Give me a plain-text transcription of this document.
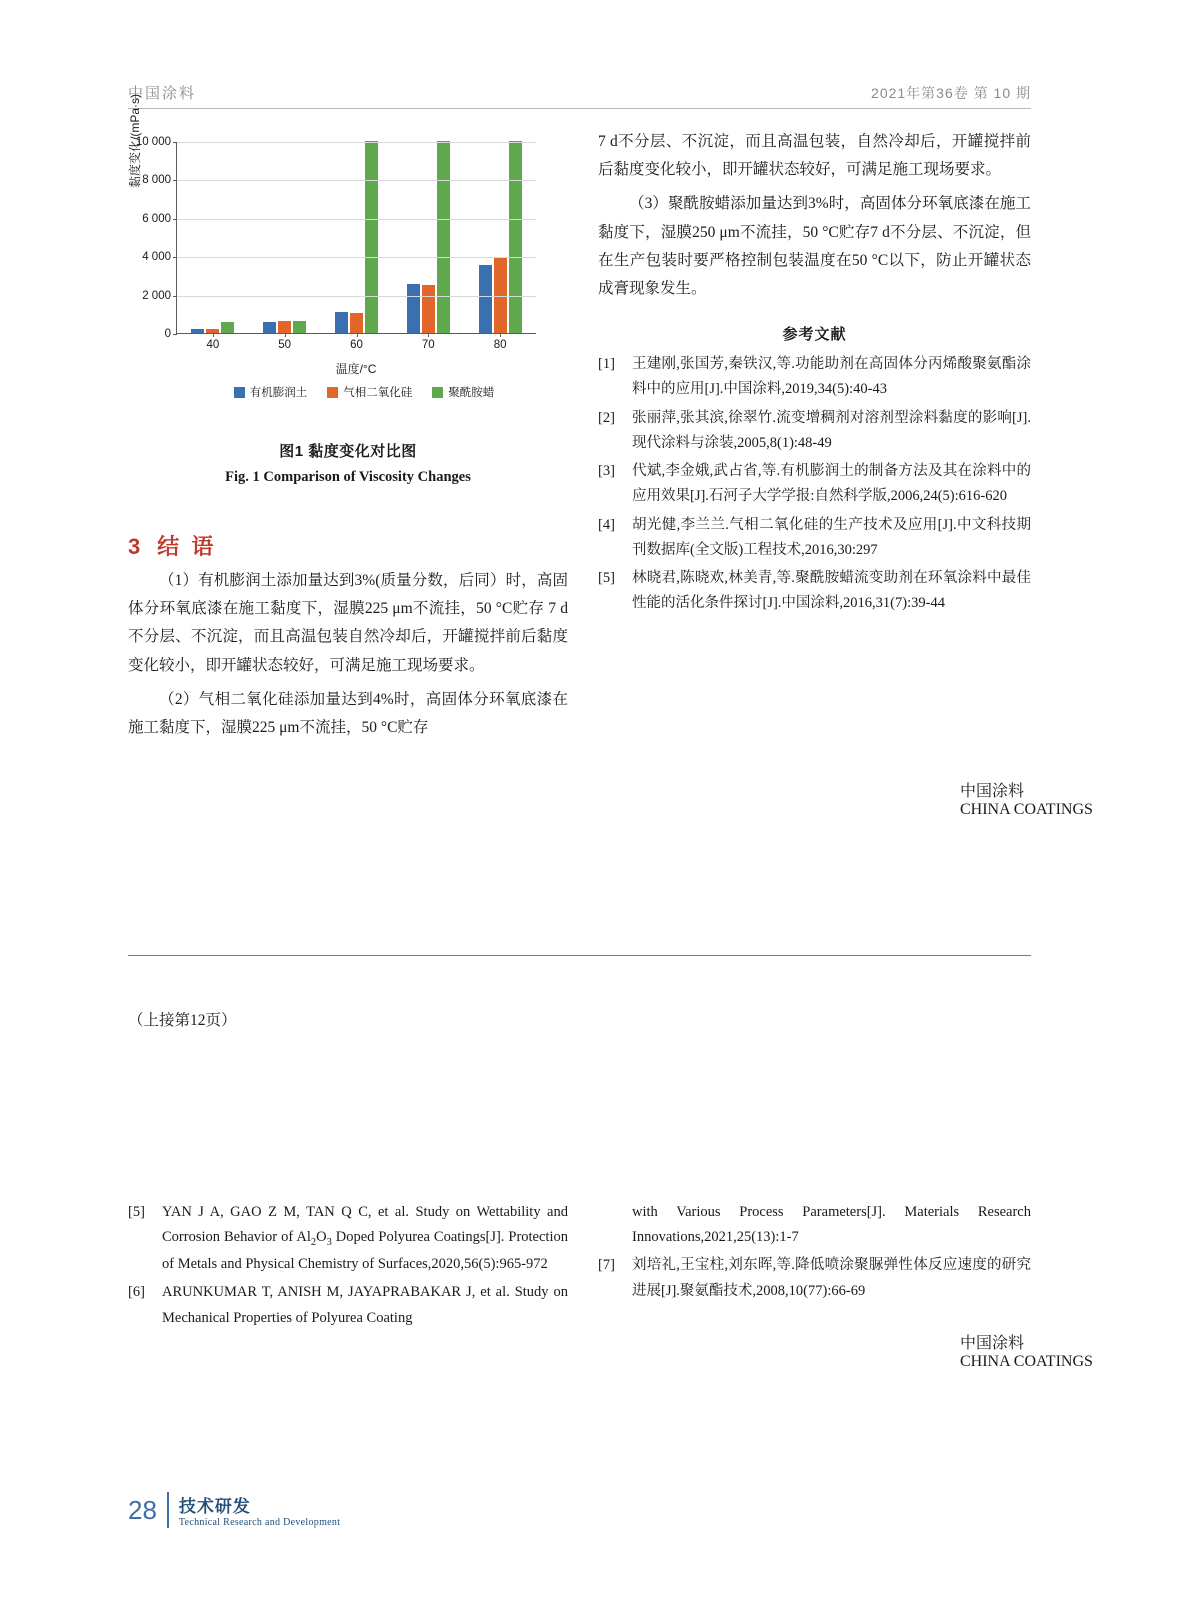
中国涂料	2021年第36卷 第 10 期
黏度变化/(mPa·s)
0
2 000
4 000
6 000
8 000
10 000
40	50	60	70	80
温度/°C
有机膨润土	气相二氧化硅	聚酰胺蜡
图1 黏度变化对比图
Fig. 1 Comparison of Viscosity Changes
3 结 语

（1）有机膨润土添加量达到3%(质量分数，后同）时，高固体分环氧底漆在施工黏度下，湿膜225 μm不流挂，50 °C贮存 7 d不分层、不沉淀，而且高温包装自然冷却后，开罐搅拌前后黏度变化较小，即开罐状态较好，可满足施工现场要求。

（2）气相二氧化硅添加量达到4%时，高固体分环氧底漆在施工黏度下，湿膜225 μm不流挂，50 °C贮存

7 d不分层、不沉淀，而且高温包装，自然冷却后，开罐搅拌前后黏度变化较小，即开罐状态较好，可满足施工现场要求。

（3）聚酰胺蜡添加量达到3%时，高固体分环氧底漆在施工黏度下，湿膜250 μm不流挂，50 °C贮存7 d不分层、不沉淀，但在生产包装时要严格控制包装温度在50 °C以下，防止开罐状态成膏现象发生。

参考文献
[1]	王建刚,张国芳,秦铁汉,等.功能助剂在高固体分丙烯酸聚氨酯涂料中的应用[J].中国涂料,2019,34(5):40-43
[2]	张丽萍,张其滨,徐翠竹.流变增稠剂对溶剂型涂料黏度的影响[J].现代涂料与涂装,2005,8(1):48-49
[3]	代斌,李金娥,武占省,等.有机膨润土的制备方法及其在涂料中的应用效果[J].石河子大学学报:自然科学版,2006,24(5):616-620
[4]	胡光健,李兰兰.气相二氧化硅的生产技术及应用[J].中文科技期刊数据库(全文版)工程技术,2016,30:297
[5]	林晓君,陈晓欢,林美青,等.聚酰胺蜡流变助剂在环氧涂料中最佳性能的活化条件探讨[J].中国涂料,2016,31(7):39-44
中国涂料
CHINA COATINGS
（上接第12页）
[5]	YAN J A, GAO Z M, TAN Q C, et al. Study on Wettability and Corrosion Behavior of $Al_2O_3$ Doped Polyurea Coatings[J]. Protection of Metals and Physical Chemistry of Surfaces,2020,56(5):965-972
[6]	ARUNKUMAR T, ANISH M, JAYAPRABAKAR J, et al. Study on Mechanical Properties of Polyurea Coating
with Various Process Parameters[J]. Materials Research Innovations,2021,25(13):1-7
[7]	刘培礼,王宝柱,刘东晖,等.降低喷涂聚脲弹性体反应速度的研究进展[J].聚氨酯技术,2008,10(77):66-69
中国涂料
CHINA COATINGS
28 技术研发
Technical Research and Development
